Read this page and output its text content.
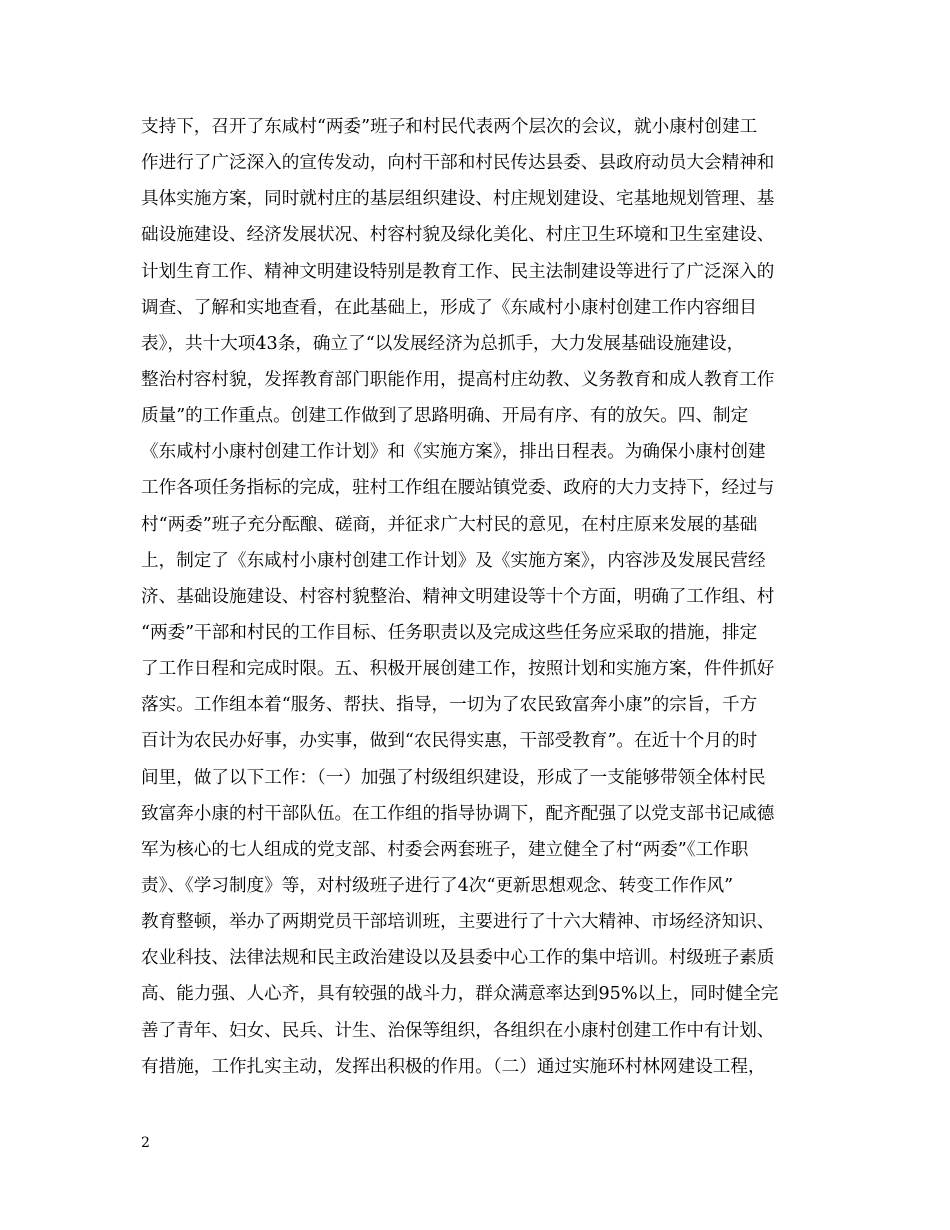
支持下，召开了东咸村“两委”班子和村民代表两个层次的会议，就小康村创建工
作进行了广泛深入的宣传发动，向村干部和村民传达县委、县政府动员大会精神和
具体实施方案，同时就村庄的基层组织建设、村庄规划建设、宅基地规划管理、基
础设施建设、经济发展状况、村容村貌及绿化美化、村庄卫生环境和卫生室建设、
计划生育工作、精神文明建设特别是教育工作、民主法制建设等进行了广泛深入的
调查、了解和实地查看，在此基础上，形成了《东咸村小康村创建工作内容细目
表》，共十大项43条，确立了“以发展经济为总抓手，大力发展基础设施建设，
整治村容村貌，发挥教育部门职能作用，提高村庄幼教、义务教育和成人教育工作
质量”的工作重点。创建工作做到了思路明确、开局有序、有的放矢。四、制定
《东咸村小康村创建工作计划》和《实施方案》，排出日程表。为确保小康村创建
工作各项任务指标的完成，驻村工作组在腰站镇党委、政府的大力支持下，经过与
村“两委”班子充分酝酿、磋商，并征求广大村民的意见，在村庄原来发展的基础
上，制定了《东咸村小康村创建工作计划》及《实施方案》，内容涉及发展民营经
济、基础设施建设、村容村貌整治、精神文明建设等十个方面，明确了工作组、村
“两委”干部和村民的工作目标、任务职责以及完成这些任务应采取的措施，排定
了工作日程和完成时限。五、积极开展创建工作，按照计划和实施方案，件件抓好
落实。工作组本着“服务、帮扶、指导，一切为了农民致富奔小康”的宗旨，千方
百计为农民办好事，办实事，做到“农民得实惠，干部受教育”。在近十个月的时
间里，做了以下工作：（一）加强了村级组织建设，形成了一支能够带领全体村民
致富奔小康的村干部队伍。在工作组的指导协调下，配齐配强了以党支部书记咸德
军为核心的七人组成的党支部、村委会两套班子，建立健全了村“两委”《工作职
责》、《学习制度》等，对村级班子进行了4次“更新思想观念、转变工作作风”
教育整顿，举办了两期党员干部培训班，主要进行了十六大精神、市场经济知识、
农业科技、法律法规和民主政治建设以及县委中心工作的集中培训。村级班子素质
高、能力强、人心齐，具有较强的战斗力，群众满意率达到95%以上，同时健全完
善了青年、妇女、民兵、计生、治保等组织，各组织在小康村创建工作中有计划、
有措施，工作扎实主动，发挥出积极的作用。（二）通过实施环村林网建设工程，
2
